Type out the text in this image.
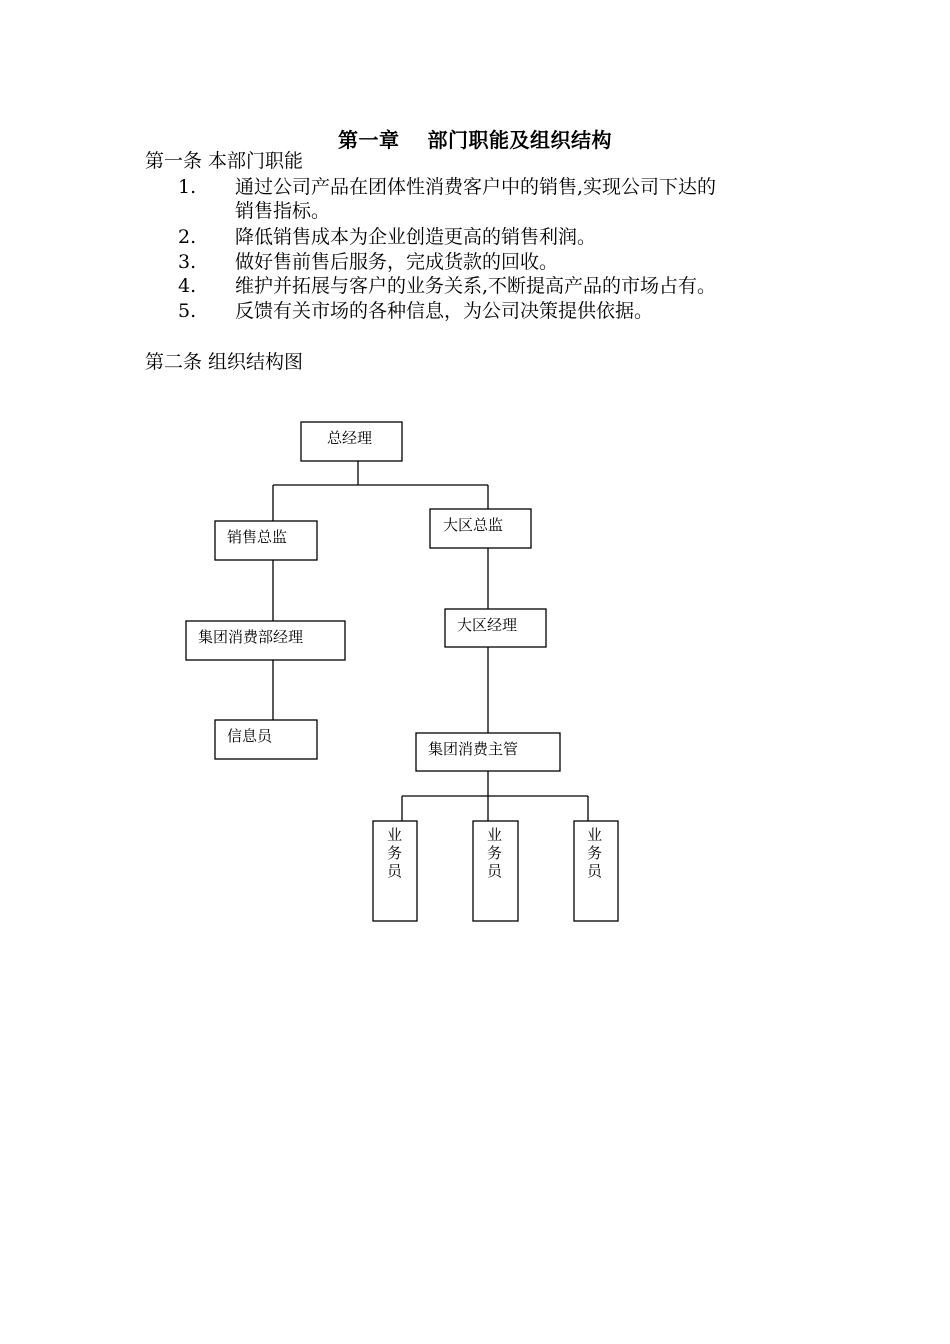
第一章　 部门职能及组织结构
第一条 本部门职能
1.	通过公司产品在团体性消费客户中的销售,实现公司下达的
销售指标。
2.	降低销售成本为企业创造更高的销售利润。
3.	做好售前售后服务，完成货款的回收。
4.	维护并拓展与客户的业务关系,不断提高产品的市场占有。
5.	反馈有关市场的各种信息，为公司决策提供依据。
第二条 组织结构图
总经理
销售总监
大区总监
集团消费部经理
大区经理
信息员
集团消费主管
业
务
员
业
务
员
业
务
员
